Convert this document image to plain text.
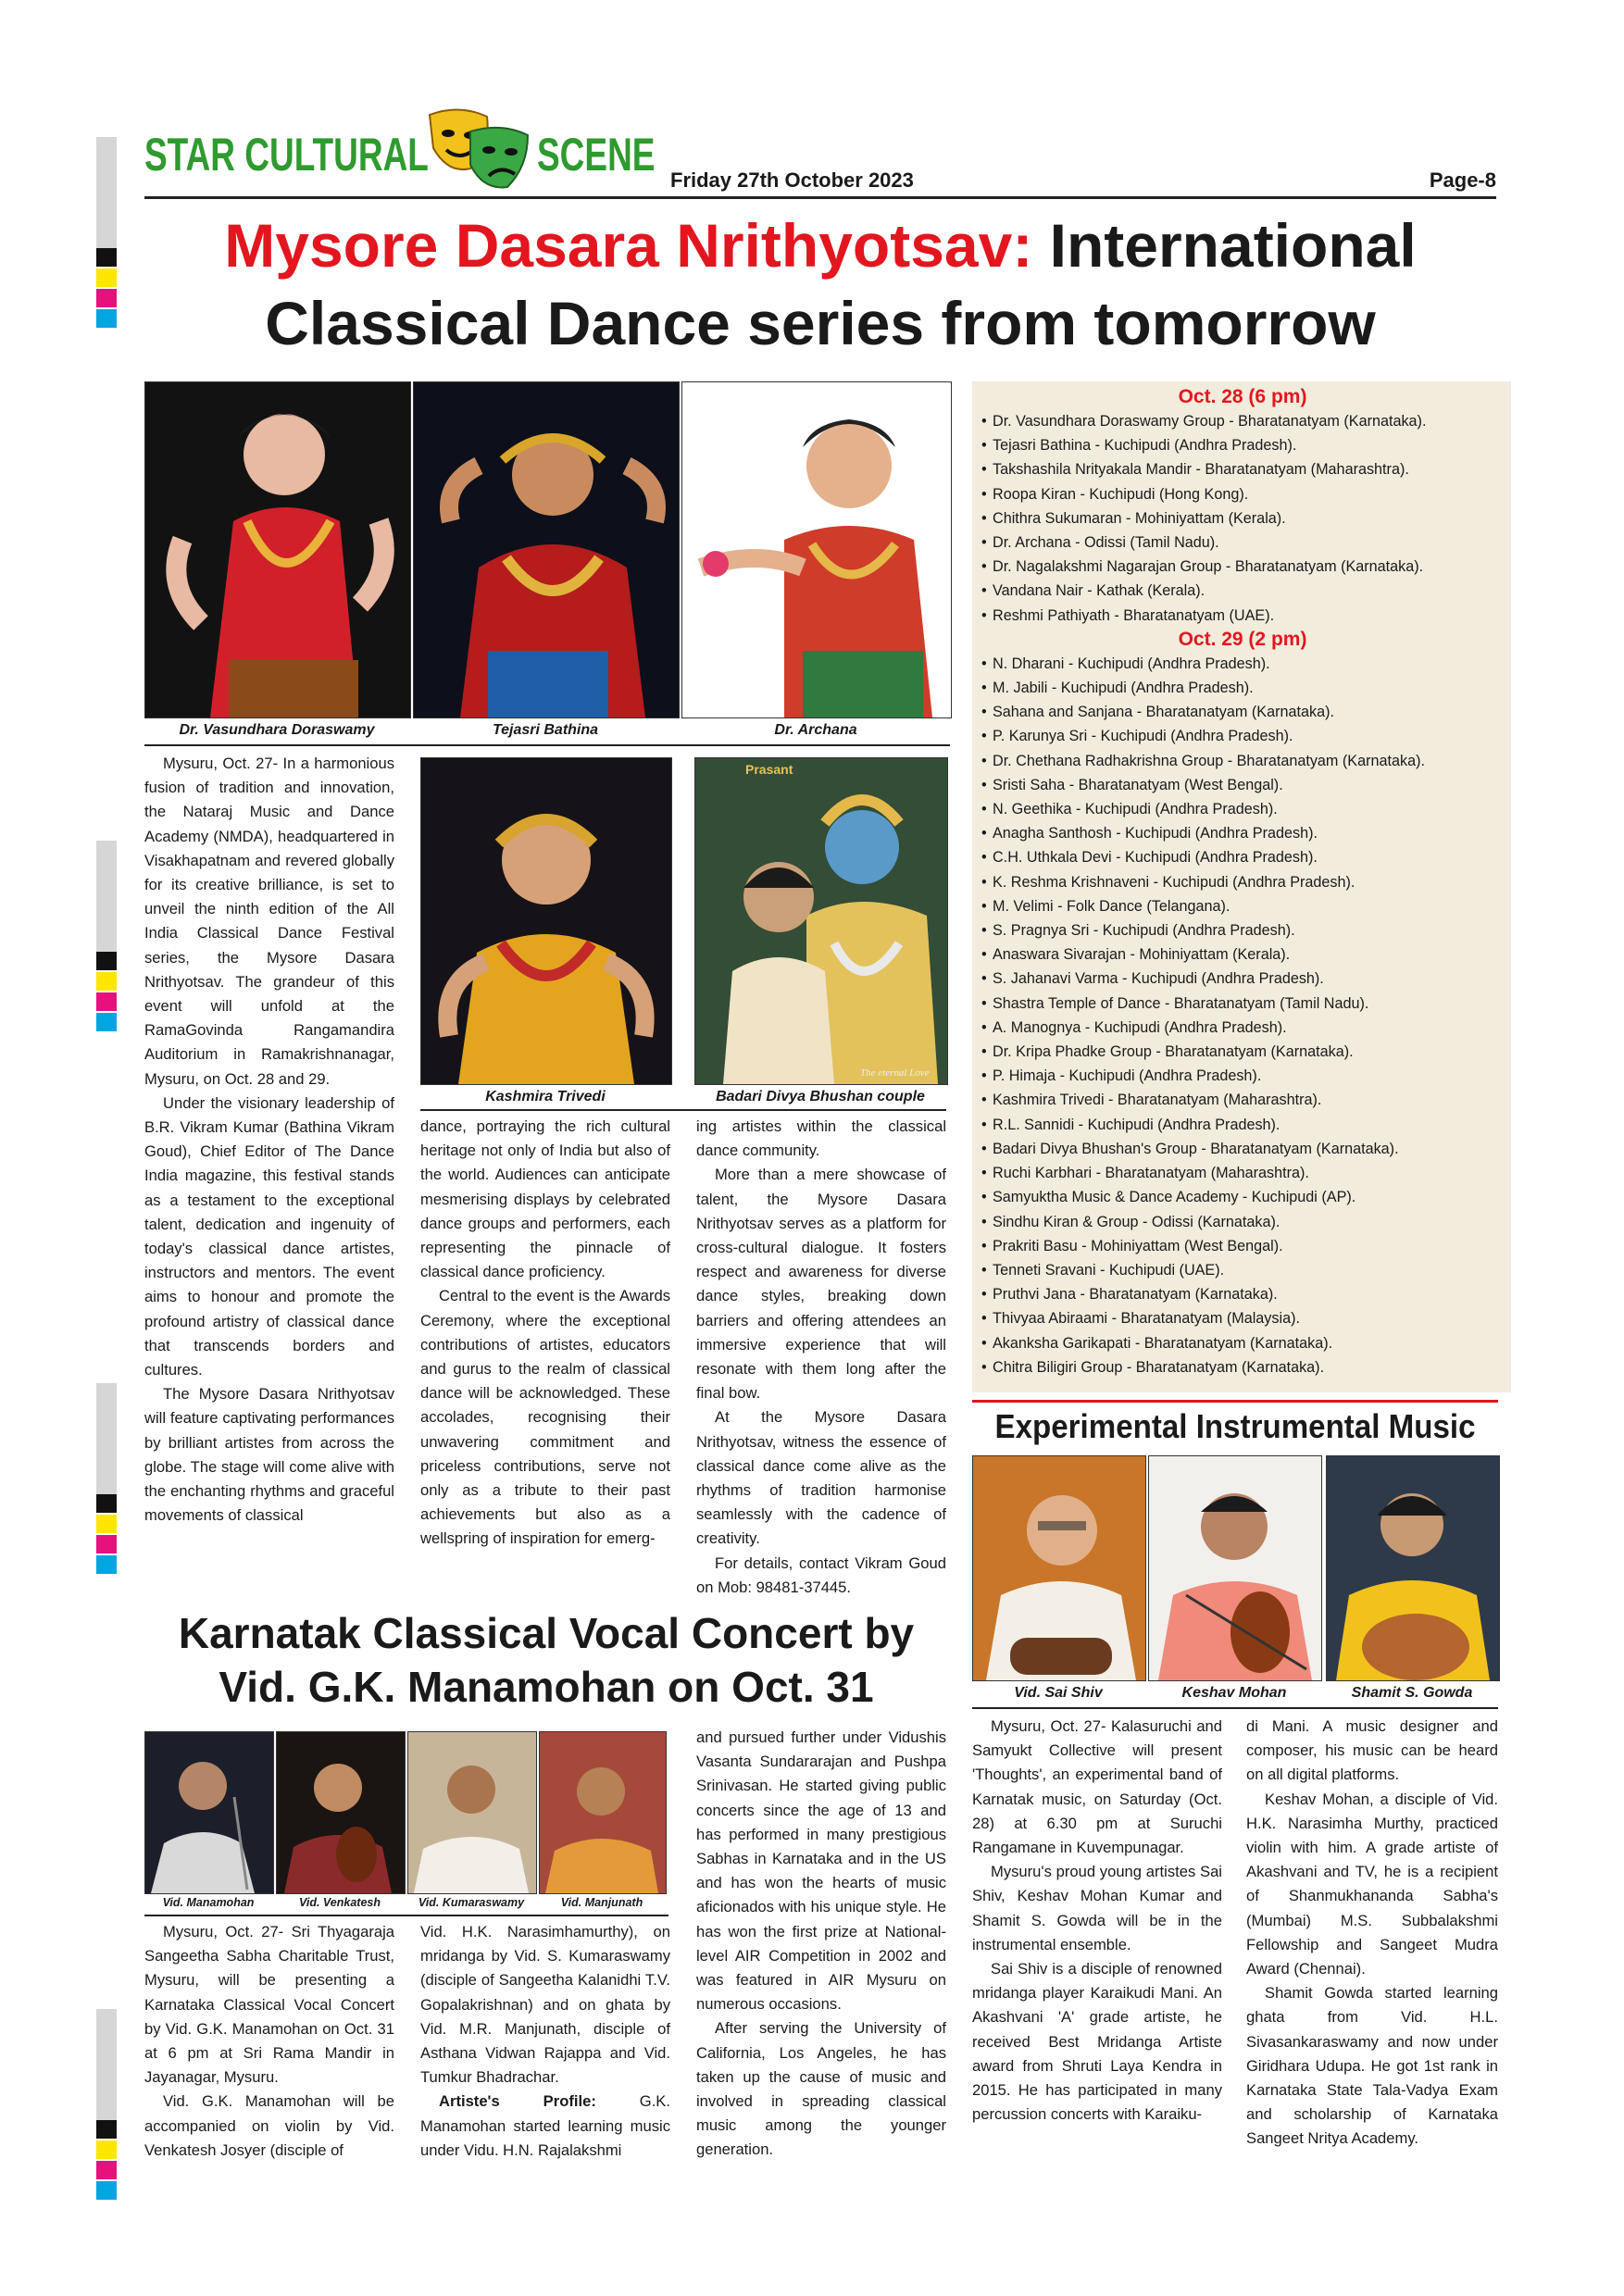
STAR CULTURAL SCENE Friday 27th October 2023	Page-8
Mysore Dasara Nrithyotsav: International
Classical Dance series from tomorrow
Dr. Vasundhara Doraswamy	Tejasri Bathina	Dr. Archana

Mysuru, Oct. 27- In a harmonious fusion of tradition and innovation, the Nataraj Music and Dance Academy (NMDA), headquartered in Visakhapatnam and revered globally for its creative brilliance, is set to unveil the ninth edition of the All India Classical Dance Festival series, the Mysore Dasara Nrithyotsav. The grandeur of this event will unfold at the RamaGovinda Rangamandira Auditorium in Ramakrishnanagar, Mysuru, on Oct. 28 and 29.

Under the visionary leadership of B.R. Vikram Kumar (Bathina Vikram Goud), Chief Editor of The Dance India magazine, this festival stands as a testament to the exceptional talent, dedication and ingenuity of today's classical dance artistes, instructors and mentors. The event aims to honour and promote the profound artistry of classical dance that transcends borders and cultures.

The Mysore Dasara Nrithyotsav will feature captivating performances by brilliant artistes from across the globe. The stage will come alive with the enchanting rhythms and graceful movements of classical

Prasant
The eternal Love
Kashmira Trivedi	Badari Divya Bhushan couple

dance, portraying the rich cultural heritage not only of India but also of the world. Audiences can anticipate mesmerising displays by celebrated dance groups and performers, each representing the pinnacle of classical dance proficiency.

Central to the event is the Awards Ceremony, where the exceptional contributions of artistes, educators and gurus to the realm of classical dance will be acknowledged. These accolades, recognising their unwavering commitment and priceless contributions, serve not only as a tribute to their past achievements but also as a wellspring of inspiration for emerg-

ing artistes within the classical dance community.

More than a mere showcase of talent, the Mysore Dasara Nrithyotsav serves as a platform for cross-cultural dialogue. It fosters respect and awareness for diverse dance styles, breaking down barriers and offering attendees an immersive experience that will resonate with them long after the final bow.

At the Mysore Dasara Nrithyotsav, witness the essence of classical dance come alive as the rhythms of tradition harmonise seamlessly with the cadence of creativity.

For details, contact Vikram Goud on Mob: 98481-37445.

Oct. 28 (6 pm)
• Dr. Vasundhara Doraswamy Group - Bharatanatyam (Karnataka).
• Tejasri Bathina - Kuchipudi (Andhra Pradesh).
• Takshashila Nrityakala Mandir - Bharatanatyam (Maharashtra).
• Roopa Kiran - Kuchipudi (Hong Kong).
• Chithra Sukumaran - Mohiniyattam (Kerala).
• Dr. Archana - Odissi (Tamil Nadu).
• Dr. Nagalakshmi Nagarajan Group - Bharatanatyam (Karnataka).
• Vandana Nair - Kathak (Kerala).
• Reshmi Pathiyath - Bharatanatyam (UAE).
Oct. 29 (2 pm)
• N. Dharani - Kuchipudi (Andhra Pradesh).
• M. Jabili - Kuchipudi (Andhra Pradesh).
• Sahana and Sanjana - Bharatanatyam (Karnataka).
• P. Karunya Sri - Kuchipudi (Andhra Pradesh).
• Dr. Chethana Radhakrishna Group - Bharatanatyam (Karnataka).
• Sristi Saha - Bharatanatyam (West Bengal).
• N. Geethika - Kuchipudi (Andhra Pradesh).
• Anagha Santhosh - Kuchipudi (Andhra Pradesh).
• C.H. Uthkala Devi - Kuchipudi (Andhra Pradesh).
• K. Reshma Krishnaveni - Kuchipudi (Andhra Pradesh).
• M. Velimi - Folk Dance (Telangana).
• S. Pragnya Sri - Kuchipudi (Andhra Pradesh).
• Anaswara Sivarajan - Mohiniyattam (Kerala).
• S. Jahanavi Varma - Kuchipudi (Andhra Pradesh).
• Shastra Temple of Dance - Bharatanatyam (Tamil Nadu).
• A. Manognya - Kuchipudi (Andhra Pradesh).
• Dr. Kripa Phadke Group - Bharatanatyam (Karnataka).
• P. Himaja - Kuchipudi (Andhra Pradesh).
• Kashmira Trivedi - Bharatanatyam (Maharashtra).
• R.L. Sannidi - Kuchipudi (Andhra Pradesh).
• Badari Divya Bhushan's Group - Bharatanatyam (Karnataka).
• Ruchi Karbhari - Bharatanatyam (Maharashtra).
• Samyuktha Music & Dance Academy - Kuchipudi (AP).
• Sindhu Kiran & Group - Odissi (Karnataka).
• Prakriti Basu - Mohiniyattam (West Bengal).
• Tenneti Sravani - Kuchipudi (UAE).
• Pruthvi Jana - Bharatanatyam (Karnataka).
• Thivyaa Abiraami - Bharatanatyam (Malaysia).
• Akanksha Garikapati - Bharatanatyam (Karnataka).
• Chitra Biligiri Group - Bharatanatyam (Karnataka).
Experimental Instrumental Music
Vid. Sai Shiv	Keshav Mohan	Shamit S. Gowda

Mysuru, Oct. 27- Kalasuruchi and Samyukt Collective will present 'Thoughts', an experimental band of Karnatak music, on Saturday (Oct. 28) at 6.30 pm at Suruchi Rangamane in Kuvempunagar.

Mysuru's proud young artistes Sai Shiv, Keshav Mohan Kumar and Shamit S. Gowda will be in the instrumental ensemble.

Sai Shiv is a disciple of renowned mridanga player Karaikudi Mani. An Akashvani 'A' grade artiste, he received Best Mridanga Artiste award from Shruti Laya Kendra in 2015. He has participated in many percussion concerts with Karaiku-

di Mani. A music designer and composer, his music can be heard on all digital platforms.

Keshav Mohan, a disciple of Vid. H.K. Narasimha Murthy, practiced violin with him. A grade artiste of Akashvani and TV, he is a recipient of Shanmukhananda Sabha's (Mumbai) M.S. Subbalakshmi Fellowship and Sangeet Mudra Award (Chennai).

Shamit Gowda started learning ghata from Vid. H.L. Sivasankaraswamy and now under Giridhara Udupa. He got 1st rank in Karnataka State Tala-Vadya Exam and scholarship of Karnataka Sangeet Nritya Academy.

Karnatak Classical Vocal Concert by
Vid. G.K. Manamohan on Oct. 31
Vid. Manamohan	Vid. Venkatesh	Vid. Kumaraswamy	Vid. Manjunath

Mysuru, Oct. 27- Sri Thyagaraja Sangeetha Sabha Charitable Trust, Mysuru, will be presenting a Karnataka Classical Vocal Concert by Vid. G.K. Manamohan on Oct. 31 at 6 pm at Sri Rama Mandir in Jayanagar, Mysuru.

Vid. G.K. Manamohan will be accompanied on violin by Vid. Venkatesh Josyer (disciple of

Vid. H.K. Narasimhamurthy), on mridanga by Vid. S. Kumaraswamy (disciple of Sangeetha Kalanidhi T.V. Gopalakrishnan) and on ghata by Vid. M.R. Manjunath, disciple of Asthana Vidwan Rajappa and Vid. Tumkur Bhadrachar.

Artiste's Profile: G.K. Manamohan started learning music under Vidu. H.N. Rajalakshmi

and pursued further under Vidushis Vasanta Sundararajan and Pushpa Srinivasan. He started giving public concerts since the age of 13 and has performed in many prestigious Sabhas in Karnataka and in the US and has won the hearts of music aficionados with his unique style. He has won the first prize at National-level AIR Competition in 2002 and was featured in AIR Mysuru on numerous occasions.

After serving the University of California, Los Angeles, he has taken up the cause of music and involved in spreading classical music among the younger generation.
